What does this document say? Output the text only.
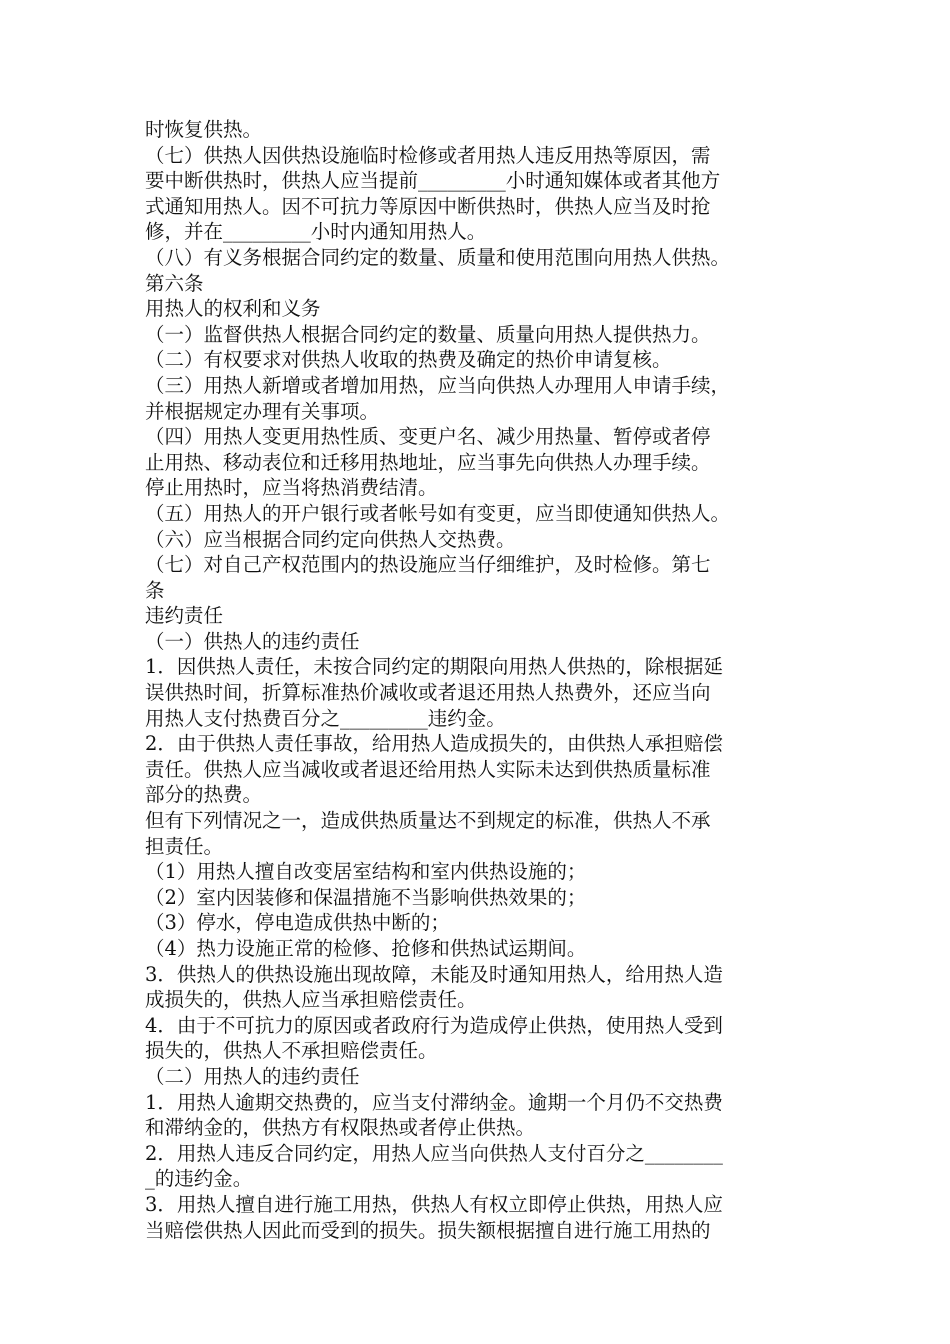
时恢复供热。
（七）供热人因供热设施临时检修或者用热人违反用热等原因，需
要中断供热时，供热人应当提前_________小时通知媒体或者其他方
式通知用热人。因不可抗力等原因中断供热时，供热人应当及时抢
修，并在_________小时内通知用热人。
（八）有义务根据合同约定的数量、质量和使用范围向用热人供热。
第六条
用热人的权利和义务
（一）监督供热人根据合同约定的数量、质量向用热人提供热力。
（二）有权要求对供热人收取的热费及确定的热价申请复核。
（三）用热人新增或者增加用热，应当向供热人办理用人申请手续，
并根据规定办理有关事项。
（四）用热人变更用热性质、变更户名、减少用热量、暂停或者停
止用热、移动表位和迁移用热地址，应当事先向供热人办理手续。
停止用热时，应当将热消费结清。
（五）用热人的开户银行或者帐号如有变更，应当即使通知供热人。
（六）应当根据合同约定向供热人交热费。
（七）对自己产权范围内的热设施应当仔细维护，及时检修。第七
条
违约责任
（一）供热人的违约责任
1．因供热人责任，未按合同约定的期限向用热人供热的，除根据延
误供热时间，折算标准热价减收或者退还用热人热费外，还应当向
用热人支付热费百分之_________违约金。
2．由于供热人责任事故，给用热人造成损失的，由供热人承担赔偿
责任。供热人应当减收或者退还给用热人实际未达到供热质量标准
部分的热费。
但有下列情况之一，造成供热质量达不到规定的标准，供热人不承
担责任。
（1）用热人擅自改变居室结构和室内供热设施的；
（2）室内因装修和保温措施不当影响供热效果的；
（3）停水，停电造成供热中断的；
（4）热力设施正常的检修、抢修和供热试运期间。
3．供热人的供热设施出现故障，未能及时通知用热人，给用热人造
成损失的，供热人应当承担赔偿责任。
4．由于不可抗力的原因或者政府行为造成停止供热，使用热人受到
损失的，供热人不承担赔偿责任。
（二）用热人的违约责任
1．用热人逾期交热费的，应当支付滞纳金。逾期一个月仍不交热费
和滞纳金的，供热方有权限热或者停止供热。
2．用热人违反合同约定，用热人应当向供热人支付百分之________
_的违约金。
3．用热人擅自进行施工用热，供热人有权立即停止供热，用热人应
当赔偿供热人因此而受到的损失。损失额根据擅自进行施工用热的
